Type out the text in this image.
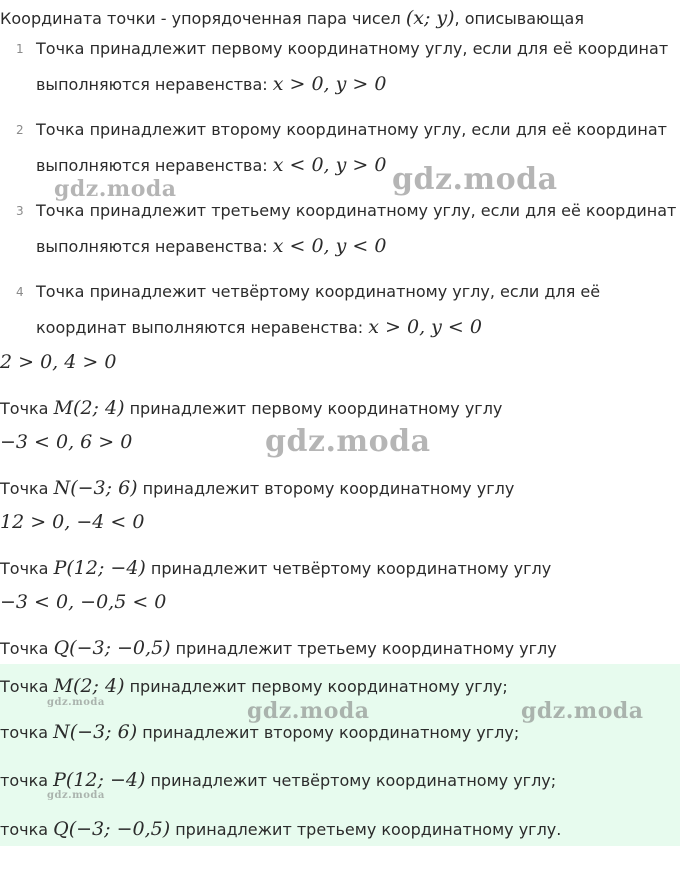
Координата точки - упорядоченная пара чисел (x; y), описывающая
1 Точка принадлежит первому координатному углу, если для её координат
выполняются неравенства: x > 0, y > 0
2 Точка принадлежит второму координатному углу, если для её координат
выполняются неравенства: x < 0, y > 0
3 Точка принадлежит третьему координатному углу, если для её координат
выполняются неравенства: x < 0, y < 0
4 Точка принадлежит четвёртому координатному углу, если для её
координат выполняются неравенства: x > 0, y < 0
2 > 0, 4 > 0
Точка M(2; 4) принадлежит первому координатному углу
−3 < 0, 6 > 0
Точка N(−3; 6) принадлежит второму координатному углу
12 > 0, −4 < 0
Точка P(12; −4) принадлежит четвёртому координатному углу
−3 < 0, −0,5 < 0
Точка Q(−3; −0,5) принадлежит третьему координатному углу
Точка M(2; 4) принадлежит первому координатному углу;
точка N(−3; 6) принадлежит второму координатному углу;
точка P(12; −4) принадлежит четвёртому координатному углу;
точка Q(−3; −0,5) принадлежит третьему координатному углу.
gdz.moda	gdz.moda
gdz.moda
gdz.moda	gdz.moda	gdz.moda
gdz.moda
